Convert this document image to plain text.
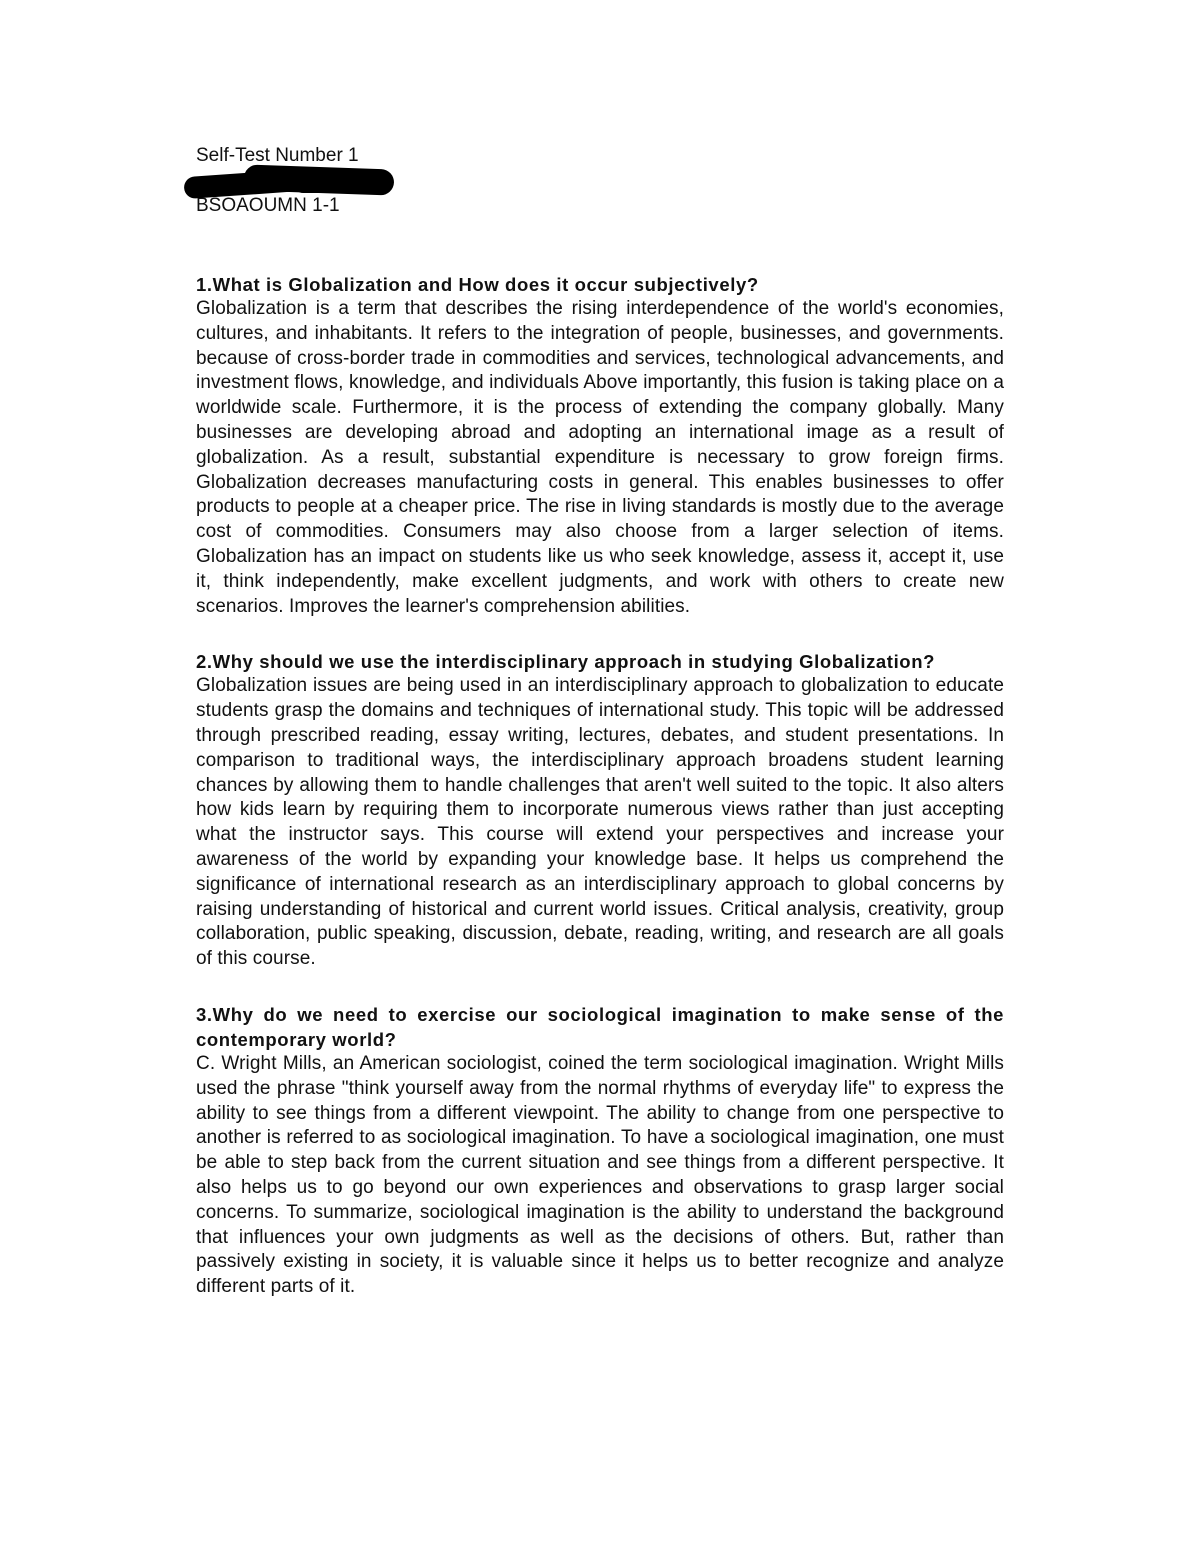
Self-Test Number 1

BSOAOUMN 1-1

1.What is Globalization and How does it occur subjectively?

Globalization is a term that describes the rising interdependence of the world's economies, cultures, and inhabitants. It refers to the integration of people, businesses, and governments. because of cross-border trade in commodities and services, technological advancements, and investment flows, knowledge, and individuals Above importantly, this fusion is taking place on a worldwide scale. Furthermore, it is the process of extending the company globally. Many businesses are developing abroad and adopting an international image as a result of globalization. As a result, substantial expenditure is necessary to grow foreign firms. Globalization decreases manufacturing costs in general. This enables businesses to offer products to people at a cheaper price. The rise in living standards is mostly due to the average cost of commodities. Consumers may also choose from a larger selection of items. Globalization has an impact on students like us who seek knowledge, assess it, accept it, use it, think independently, make excellent judgments, and work with others to create new scenarios. Improves the learner's comprehension abilities.

2.Why should we use the interdisciplinary approach in studying Globalization?

Globalization issues are being used in an interdisciplinary approach to globalization to educate students grasp the domains and techniques of international study. This topic will be addressed through prescribed reading, essay writing, lectures, debates, and student presentations. In comparison to traditional ways, the interdisciplinary approach broadens student learning chances by allowing them to handle challenges that aren't well suited to the topic. It also alters how kids learn by requiring them to incorporate numerous views rather than just accepting what the instructor says. This course will extend your perspectives and increase your awareness of the world by expanding your knowledge base. It helps us comprehend the significance of international research as an interdisciplinary approach to global concerns by raising understanding of historical and current world issues. Critical analysis, creativity, group collaboration, public speaking, discussion, debate, reading, writing, and research are all goals of this course.

3.Why do we need to exercise our sociological imagination to make sense of the contemporary world?

C. Wright Mills, an American sociologist, coined the term sociological imagination. Wright Mills used the phrase "think yourself away from the normal rhythms of everyday life" to express the ability to see things from a different viewpoint. The ability to change from one perspective to another is referred to as sociological imagination. To have a sociological imagination, one must be able to step back from the current situation and see things from a different perspective. It also helps us to go beyond our own experiences and observations to grasp larger social concerns. To summarize, sociological imagination is the ability to understand the background that influences your own judgments as well as the decisions of others. But, rather than passively existing in society, it is valuable since it helps us to better recognize and analyze different parts of it.
